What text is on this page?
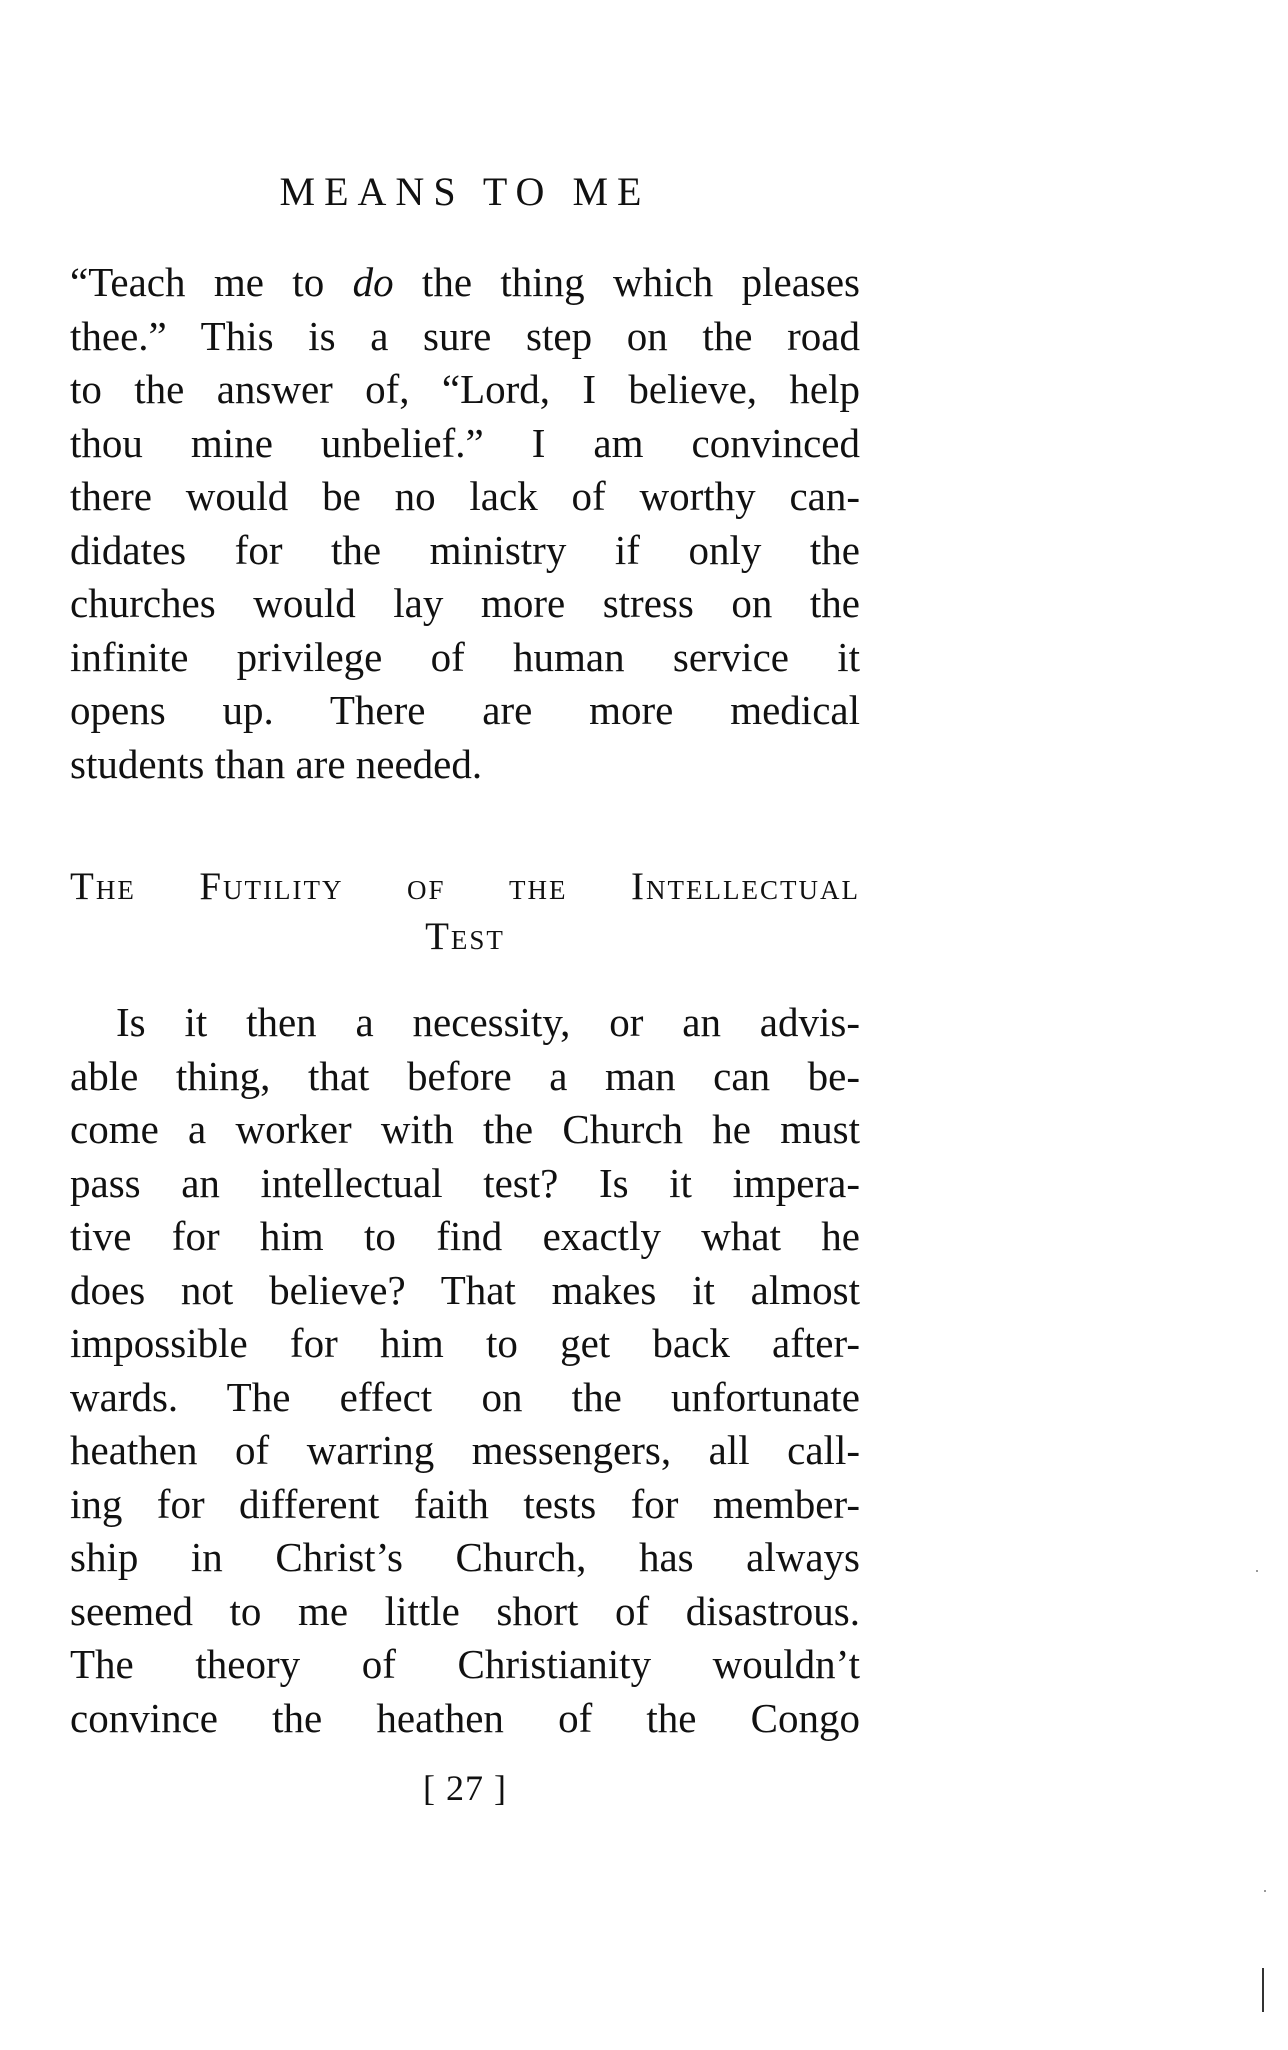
MEANS TO ME

“Teach me to do the thing which pleases
thee.” This is a sure step on the road
to the answer of, “Lord, I believe, help
thou mine unbelief.” I am convinced
there would be no lack of worthy can-
didates for the ministry if only the
churches would lay more stress on the
infinite privilege of human service it
opens up. There are more medical
students than are needed.

The Futility of the Intellectual
Test

Is it then a necessity, or an advis-
able thing, that before a man can be-
come a worker with the Church he must
pass an intellectual test? Is it impera-
tive for him to find exactly what he
does not believe? That makes it almost
impossible for him to get back after-
wards. The effect on the unfortunate
heathen of warring messengers, all call-
ing for different faith tests for member-
ship in Christ’s Church, has always
seemed to me little short of disastrous.
The theory of Christianity wouldn’t
convince the heathen of the Congo

[ 27 ]
